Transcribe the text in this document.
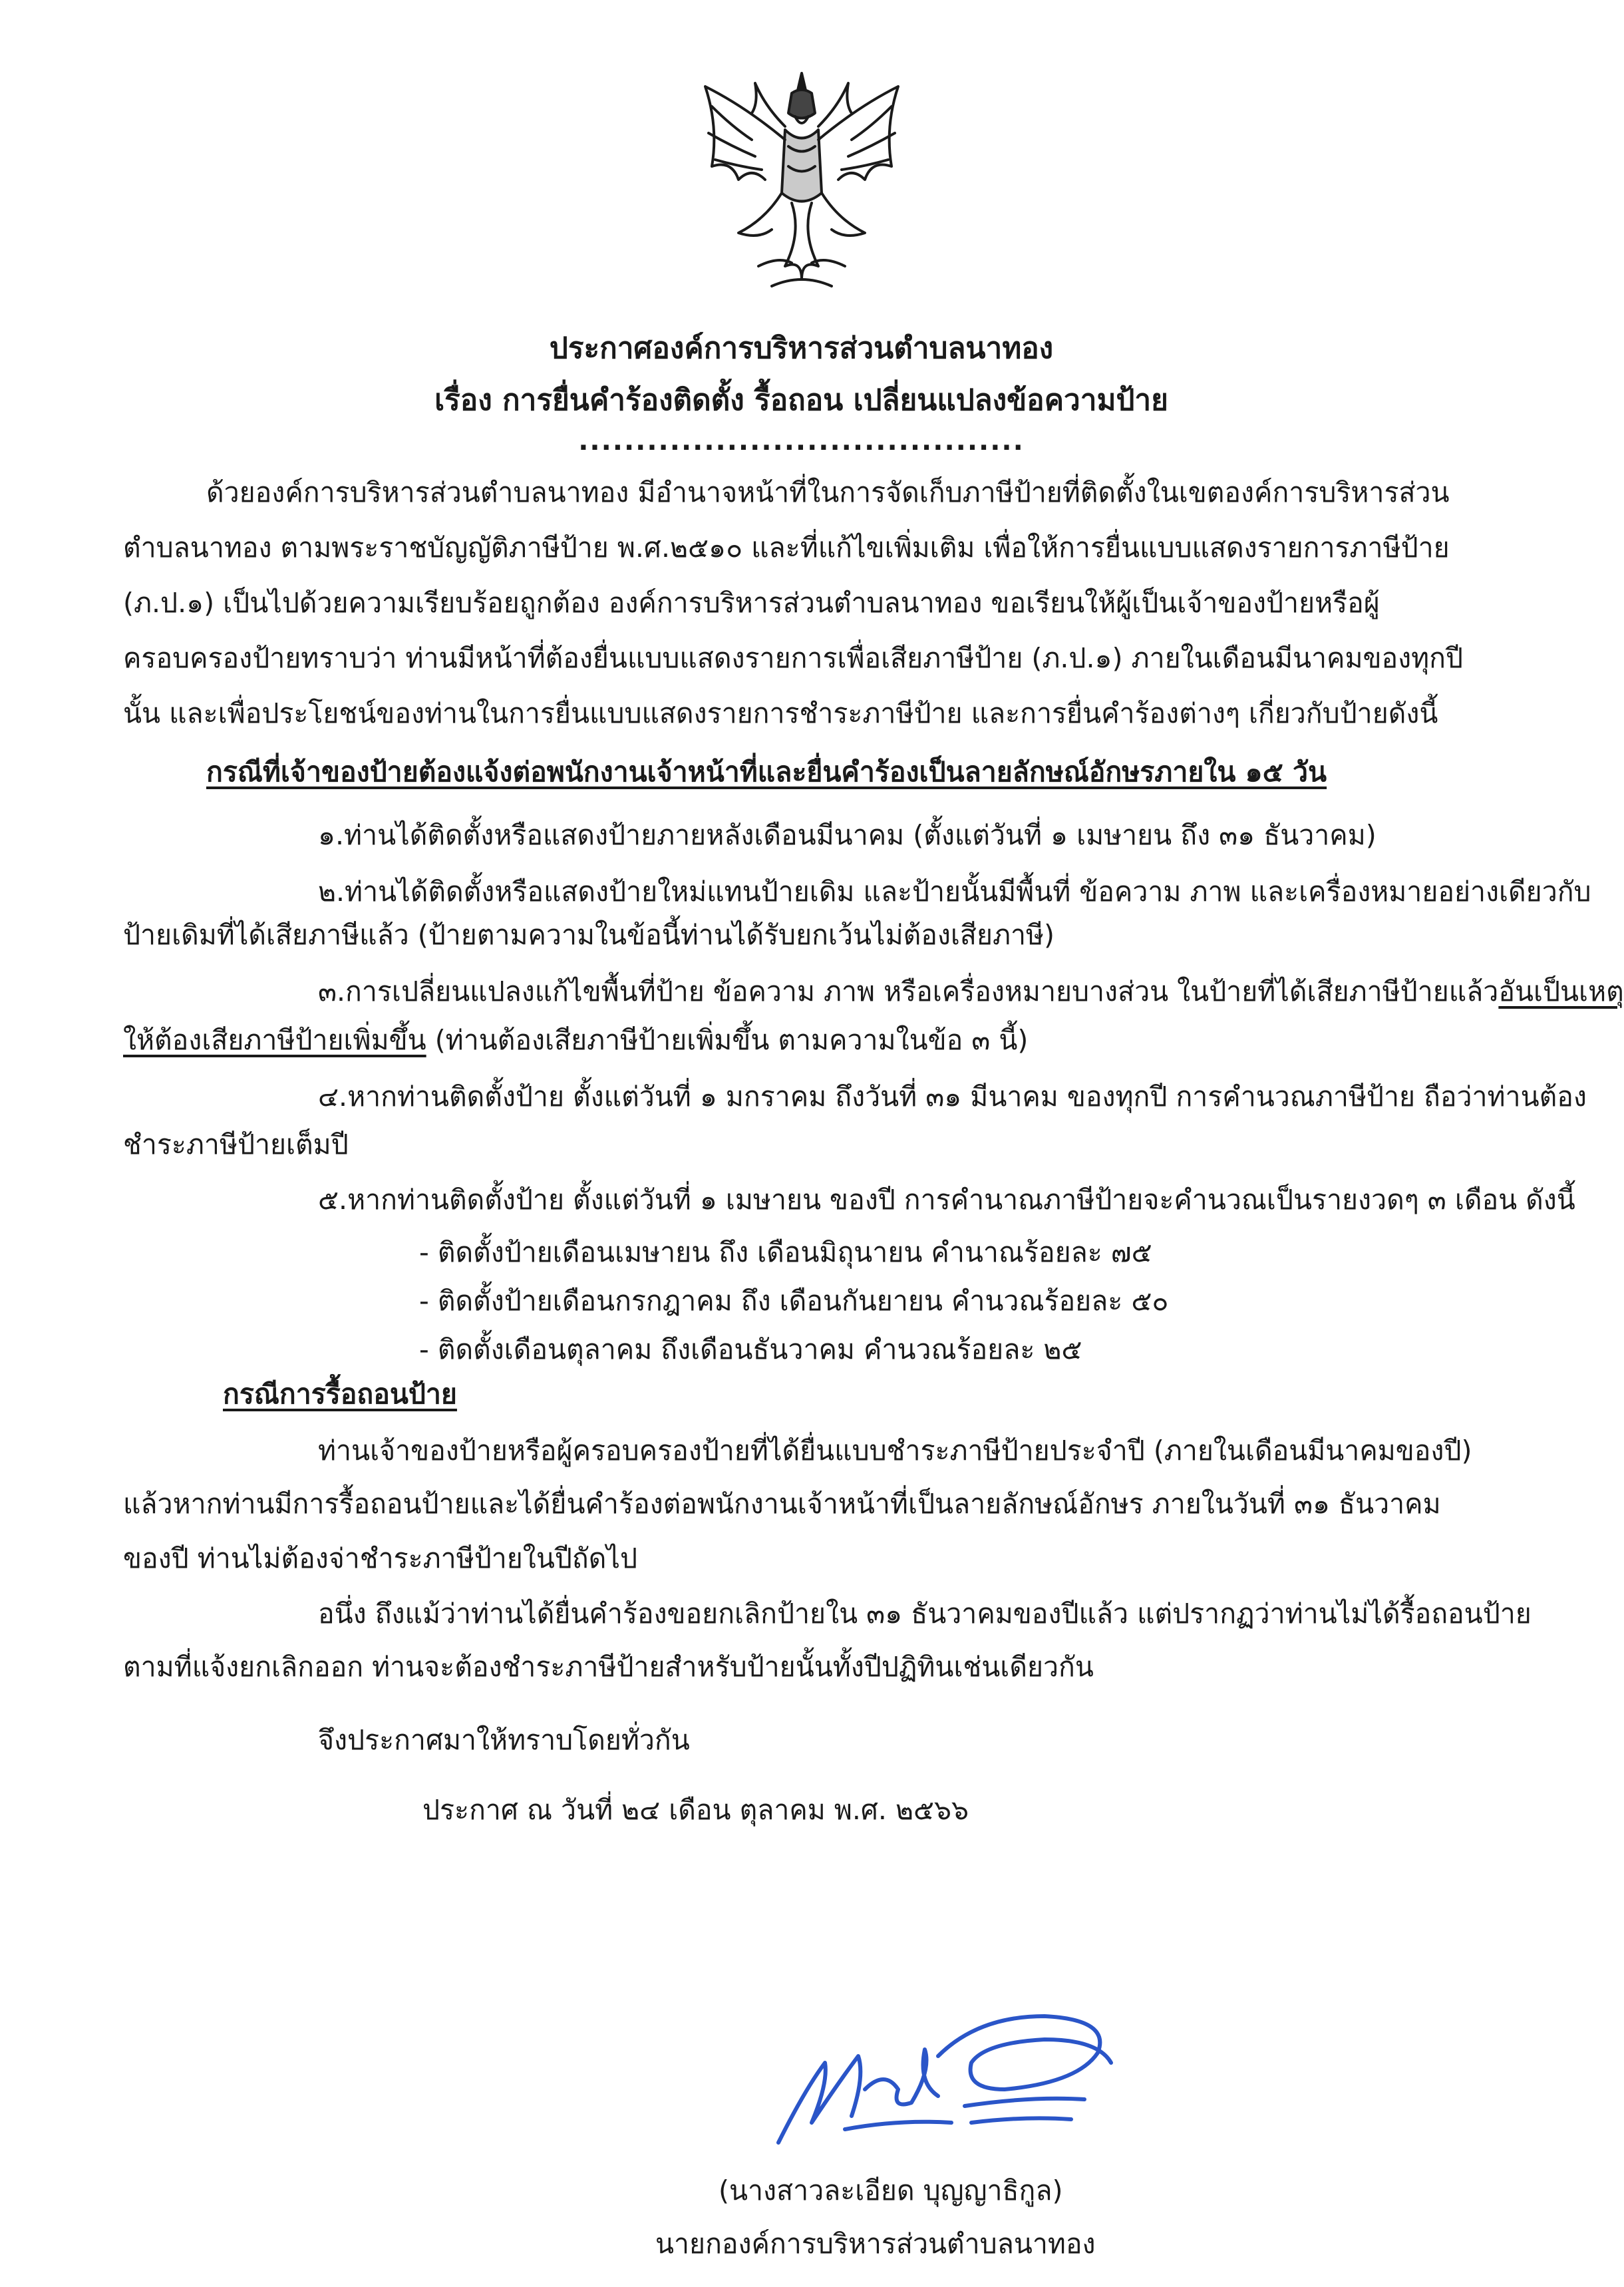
ประกาศองค์การบริหารส่วนตำบลนาทอง
เรื่อง การยื่นคำร้องติดตั้ง รื้อถอน เปลี่ยนแปลงข้อความป้าย
.......................................
ด้วยองค์การบริหารส่วนตำบลนาทอง มีอำนาจหน้าที่ในการจัดเก็บภาษีป้ายที่ติดตั้งในเขตองค์การบริหารส่วน
ตำบลนาทอง ตามพระราชบัญญัติภาษีป้าย พ.ศ.๒๕๑๐ และที่แก้ไขเพิ่มเติม เพื่อให้การยื่นแบบแสดงรายการภาษีป้าย
(ภ.ป.๑) เป็นไปด้วยความเรียบร้อยถูกต้อง องค์การบริหารส่วนตำบลนาทอง ขอเรียนให้ผู้เป็นเจ้าของป้ายหรือผู้
ครอบครองป้ายทราบว่า ท่านมีหน้าที่ต้องยื่นแบบแสดงรายการเพื่อเสียภาษีป้าย (ภ.ป.๑) ภายในเดือนมีนาคมของทุกปี
นั้น และเพื่อประโยชน์ของท่านในการยื่นแบบแสดงรายการชำระภาษีป้าย และการยื่นคำร้องต่างๆ เกี่ยวกับป้ายดังนี้
กรณีที่เจ้าของป้ายต้องแจ้งต่อพนักงานเจ้าหน้าที่และยื่นคำร้องเป็นลายลักษณ์อักษรภายใน ๑๕ วัน
๑.ท่านได้ติดตั้งหรือแสดงป้ายภายหลังเดือนมีนาคม (ตั้งแต่วันที่ ๑ เมษายน ถึง ๓๑ ธันวาคม)
๒.ท่านได้ติดตั้งหรือแสดงป้ายใหม่แทนป้ายเดิม และป้ายนั้นมีพื้นที่ ข้อความ ภาพ และเครื่องหมายอย่างเดียวกับ
ป้ายเดิมที่ได้เสียภาษีแล้ว (ป้ายตามความในข้อนี้ท่านได้รับยกเว้นไม่ต้องเสียภาษี)
๓.การเปลี่ยนแปลงแก้ไขพื้นที่ป้าย ข้อความ ภาพ หรือเครื่องหมายบางส่วน ในป้ายที่ได้เสียภาษีป้ายแล้วอันเป็นเหตุ
ให้ต้องเสียภาษีป้ายเพิ่มขึ้น (ท่านต้องเสียภาษีป้ายเพิ่มขึ้น ตามความในข้อ ๓ นี้)
๔.หากท่านติดตั้งป้าย ตั้งแต่วันที่ ๑ มกราคม ถึงวันที่ ๓๑ มีนาคม ของทุกปี การคำนวณภาษีป้าย ถือว่าท่านต้อง
ชำระภาษีป้ายเต็มปี
๕.หากท่านติดตั้งป้าย ตั้งแต่วันที่ ๑ เมษายน ของปี การคำนาณภาษีป้ายจะคำนวณเป็นรายงวดๆ ๓ เดือน ดังนี้
- ติดตั้งป้ายเดือนเมษายน ถึง เดือนมิถุนายน คำนาณร้อยละ ๗๕
- ติดตั้งป้ายเดือนกรกฎาคม ถึง เดือนกันยายน คำนวณร้อยละ ๕๐
- ติดตั้งเดือนตุลาคม ถึงเดือนธันวาคม คำนวณร้อยละ ๒๕
กรณีการรื้อถอนป้าย
ท่านเจ้าของป้ายหรือผู้ครอบครองป้ายที่ได้ยื่นแบบชำระภาษีป้ายประจำปี (ภายในเดือนมีนาคมของปี)
แล้วหากท่านมีการรื้อถอนป้ายและได้ยื่นคำร้องต่อพนักงานเจ้าหน้าที่เป็นลายลักษณ์อักษร ภายในวันที่ ๓๑ ธันวาคม
ของปี ท่านไม่ต้องจ่าชำระภาษีป้ายในปีถัดไป
อนึ่ง ถึงแม้ว่าท่านได้ยื่นคำร้องขอยกเลิกป้ายใน ๓๑ ธันวาคมของปีแล้ว แต่ปรากฏว่าท่านไม่ได้รื้อถอนป้าย
ตามที่แจ้งยกเลิกออก ท่านจะต้องชำระภาษีป้ายสำหรับป้ายนั้นทั้งปีปฏิทินเช่นเดียวกัน
จึงประกาศมาให้ทราบโดยทั่วกัน
ประกาศ ณ วันที่ ๒๔ เดือน ตุลาคม พ.ศ. ๒๕๖๖
(นางสาวละเอียด บุญญาธิกูล)
นายกองค์การบริหารส่วนตำบลนาทอง
